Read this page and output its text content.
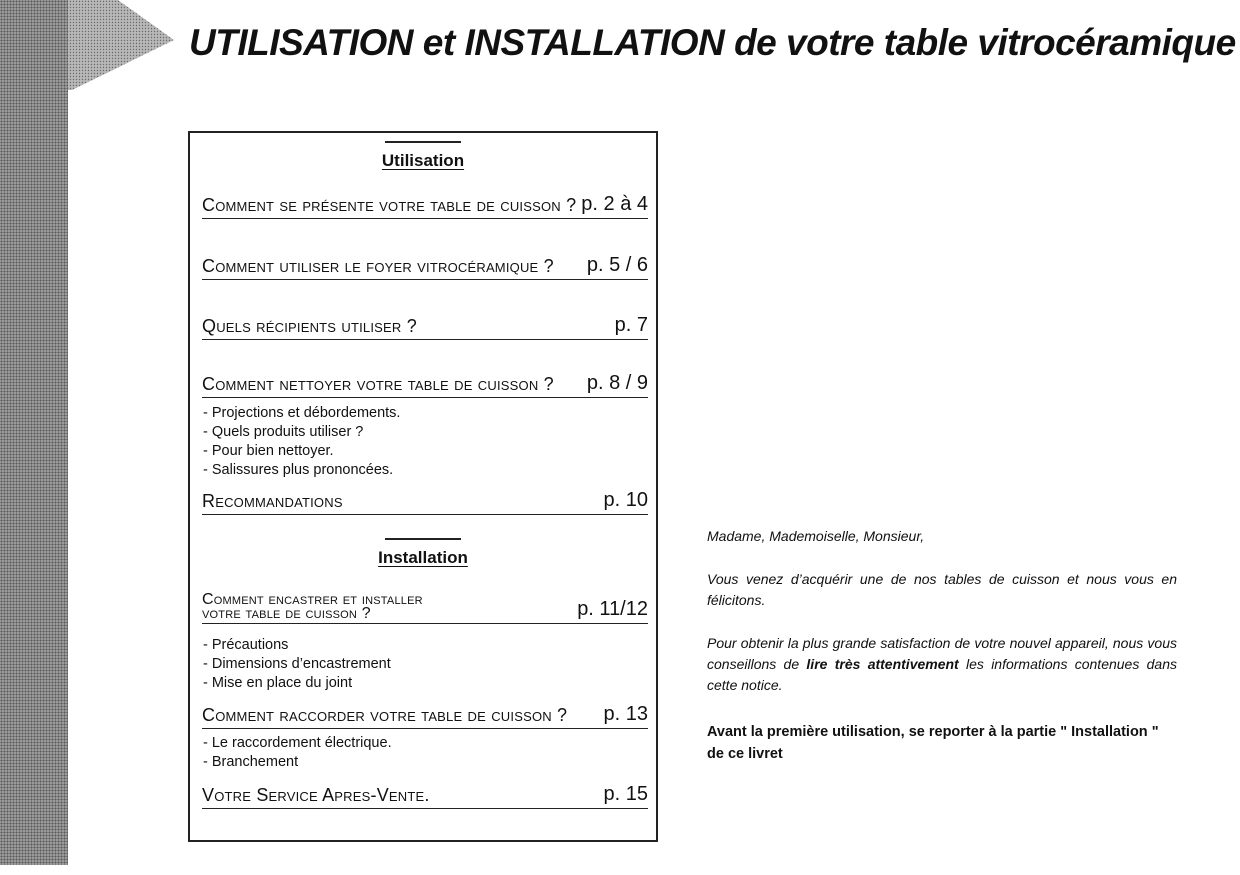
UTILISATION et INSTALLATION de votre table vitrocéramique
Utilisation
Comment se présente votre table de cuisson ? p. 2 à 4
Comment utiliser le foyer vitrocéramique ? p. 5 / 6
Quels récipients utiliser ?	p. 7
Comment nettoyer votre table de cuisson ? p. 8 / 9
- Projections et débordements.
- Quels produits utiliser ?
- Pour bien nettoyer.
- Salissures plus prononcées.
Recommandations	p. 10
Installation
Comment encastrer et installer
votre table de cuisson ?	p. 11/12
- Précautions
- Dimensions d’encastrement
- Mise en place du joint
Comment raccorder votre table de cuisson ? p. 13
- Le raccordement électrique.
- Branchement
Votre Service Apres-Vente.	p. 15

Madame, Mademoiselle, Monsieur,

Vous venez d’acquérir une de nos tables de cuisson et nous vous en félicitons.

Pour obtenir la plus grande satisfaction de votre nouvel appareil, nous vous conseillons de lire très attentivement les informations contenues dans cette notice.

Avant la première utilisation, se reporter à la partie " Installation " de ce livret
